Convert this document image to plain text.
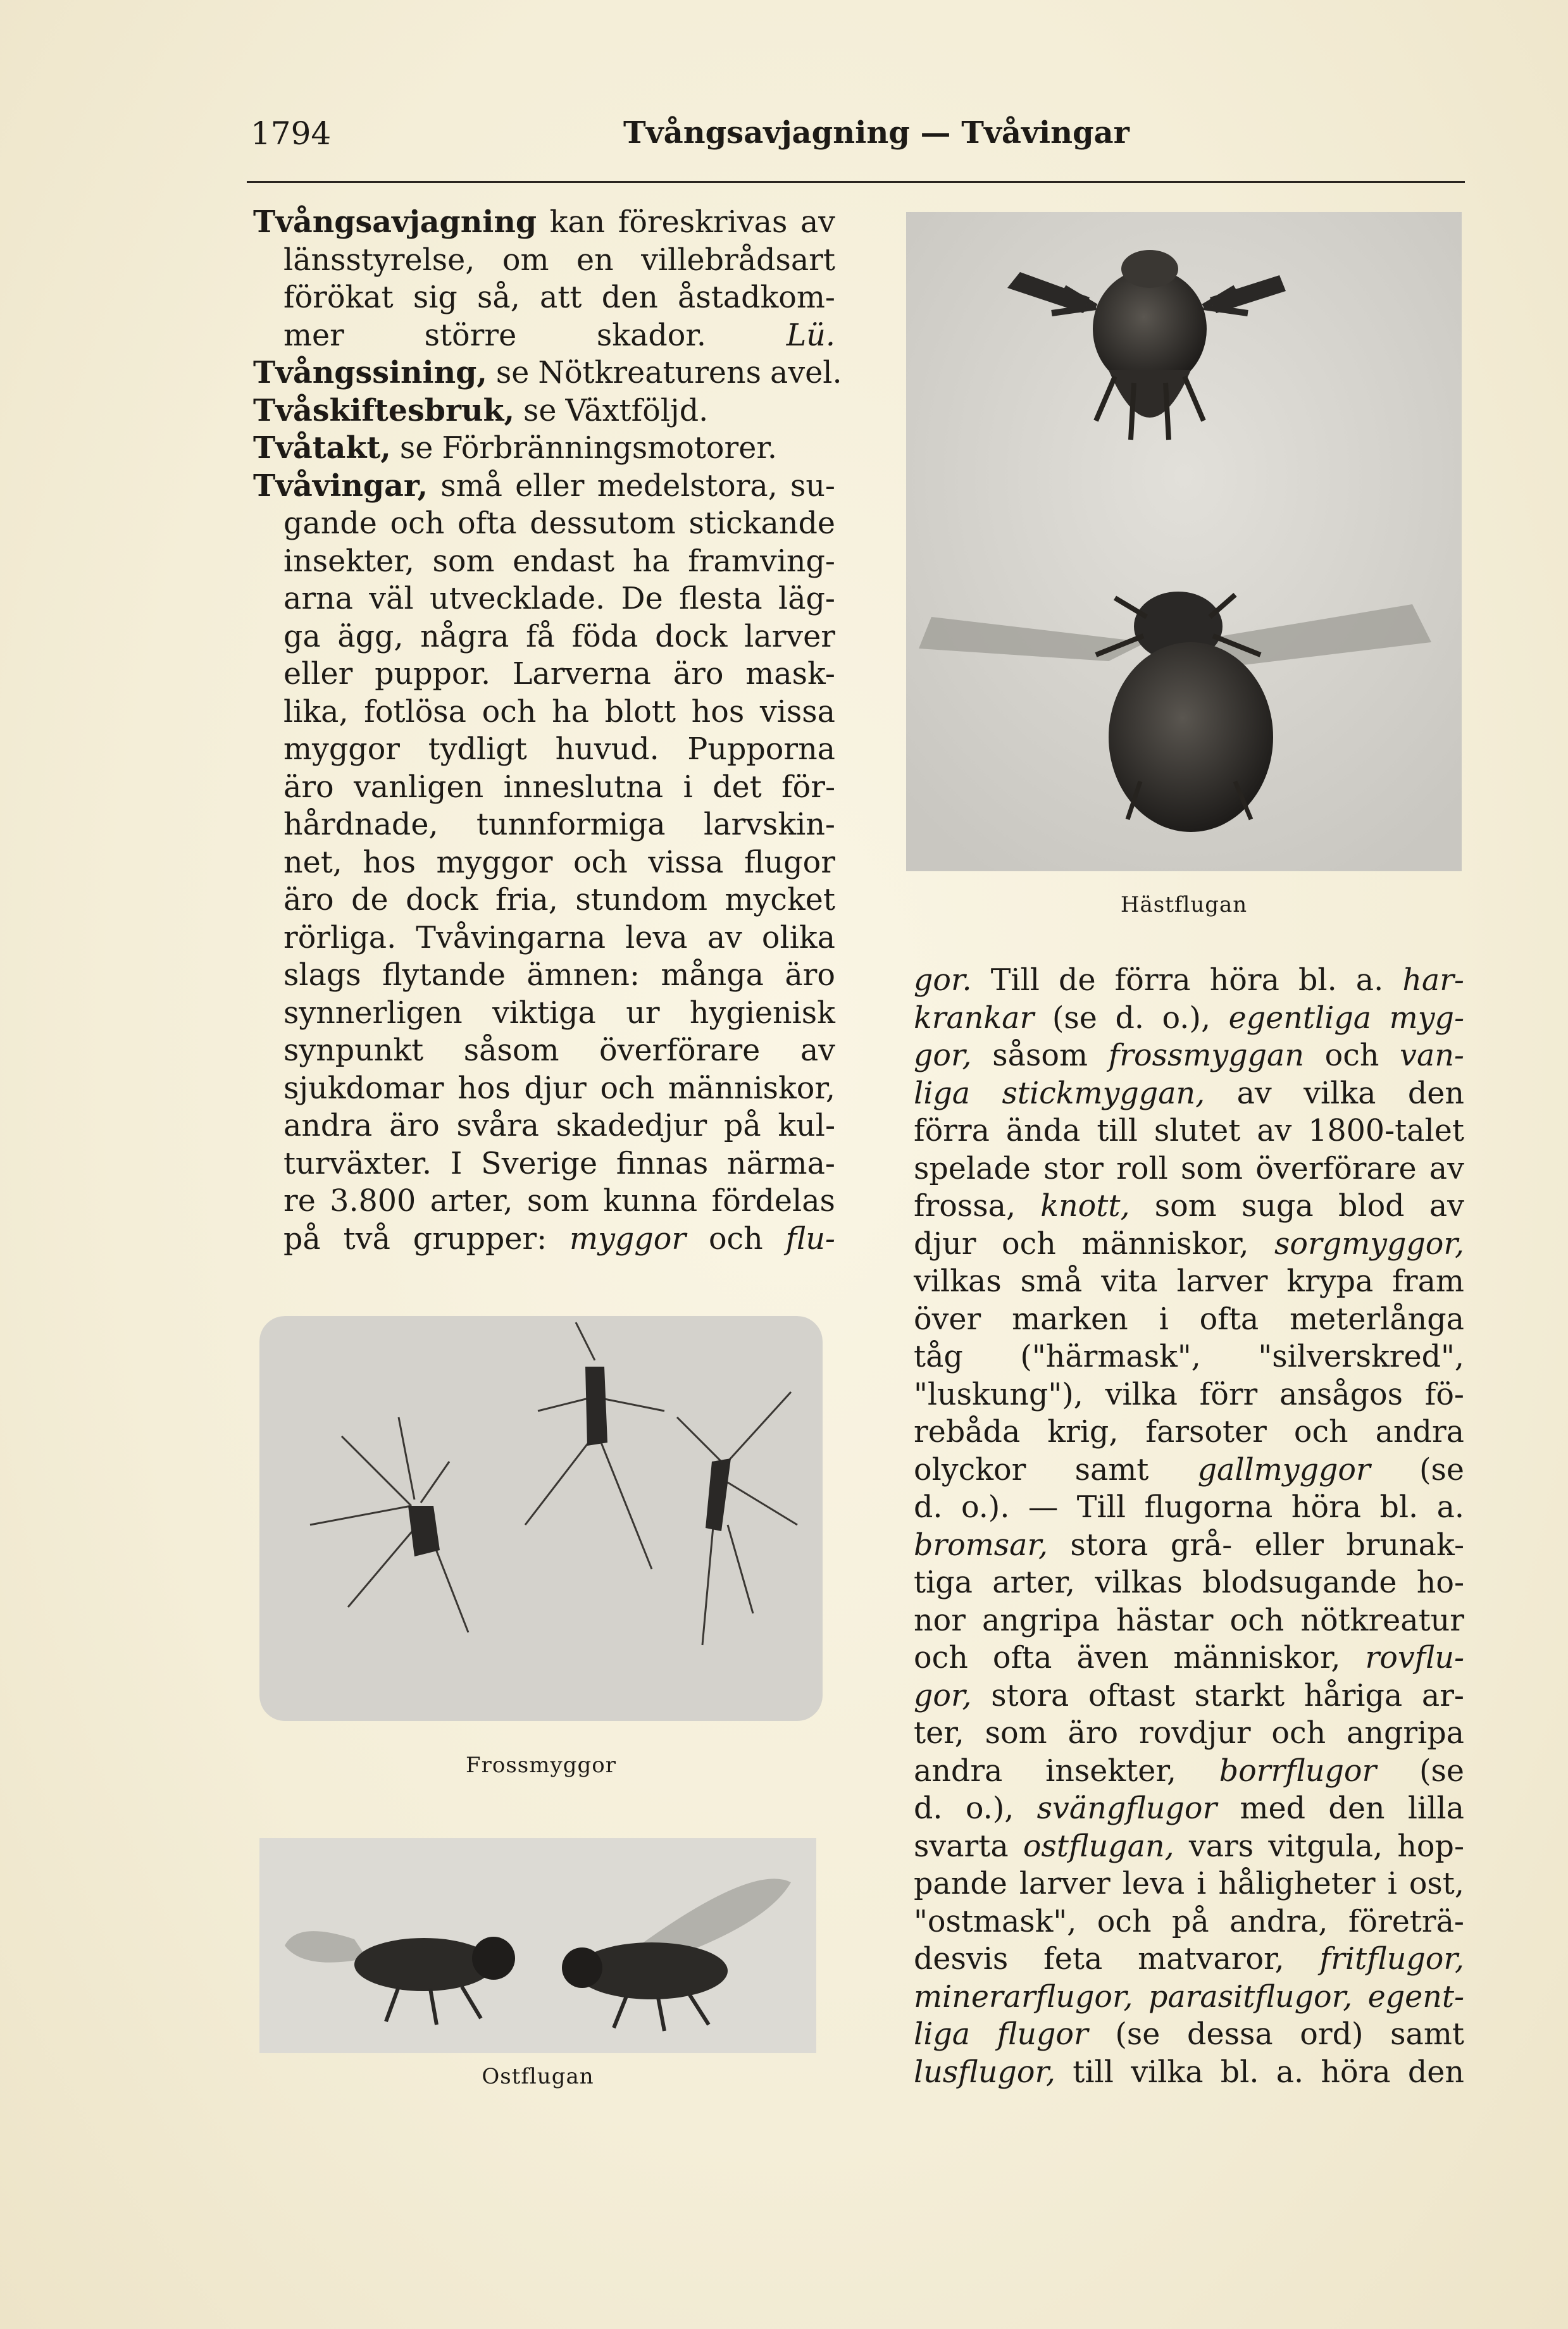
1794	Tvångsavjagning — Tvåvingar
Tvångsavjagning kan föreskrivas av
länsstyrelse, om en villebrådsart
förökat sig så, att den åstadkom-
mer	större	skador.	Lü.
Tvångssining, se Nötkreaturens avel.
Tvåskiftesbruk, se Växtföljd.
Tvåtakt, se Förbränningsmotorer.
Tvåvingar, små eller medelstora, su-
gande och ofta dessutom stickande
insekter, som endast ha framving-
arna väl utvecklade. De flesta läg-
ga ägg, några få föda dock larver
eller puppor. Larverna äro mask-
lika, fotlösa och ha blott hos vissa
myggor tydligt huvud. Pupporna
äro vanligen inneslutna i det för-
hårdnade, tunnformiga larvskin-
net, hos myggor och vissa flugor
äro de dock fria, stundom mycket
rörliga. Tvåvingarna leva av olika
slags flytande ämnen: många äro
synnerligen viktiga ur hygienisk
synpunkt såsom överförare av
sjukdomar hos djur och människor,
andra äro svåra skadedjur på kul-
turväxter. I Sverige finnas närma-
re 3.800 arter, som kunna fördelas
på två grupper: myggor och flu-
gor. Till de förra höra bl. a. har-
krankar (se d. o.), egentliga myg-
gor, såsom frossmyggan och van-
liga stickmyggan, av vilka den
förra ända till slutet av 1800-talet
spelade stor roll som överförare av
frossa, knott, som suga blod av
djur och människor, sorgmyggor,
vilkas små vita larver krypa fram
över marken i ofta meterlånga
tåg ("härmask", "silverskred",
"luskung"), vilka förr ansågos fö-
rebåda krig, farsoter och andra
olyckor samt gallmyggor (se
d. o.). — Till flugorna höra bl. a.
bromsar, stora grå- eller brunak-
tiga arter, vilkas blodsugande ho-
nor angripa hästar och nötkreatur
och ofta även människor, rovflu-
gor, stora oftast starkt håriga ar-
ter, som äro rovdjur och angripa
andra insekter, borrflugor (se
d. o.), svängflugor med den lilla
svarta ostflugan, vars vitgula, hop-
pande larver leva i håligheter i ost,
"ostmask", och på andra, företrä-
desvis feta matvaror, fritflugor,
minerarflugor, parasitflugor, egent-
liga flugor (se dessa ord) samt
lusflugor, till vilka bl. a. höra den
Hästflugan
Frossmyggor
Ostflugan
